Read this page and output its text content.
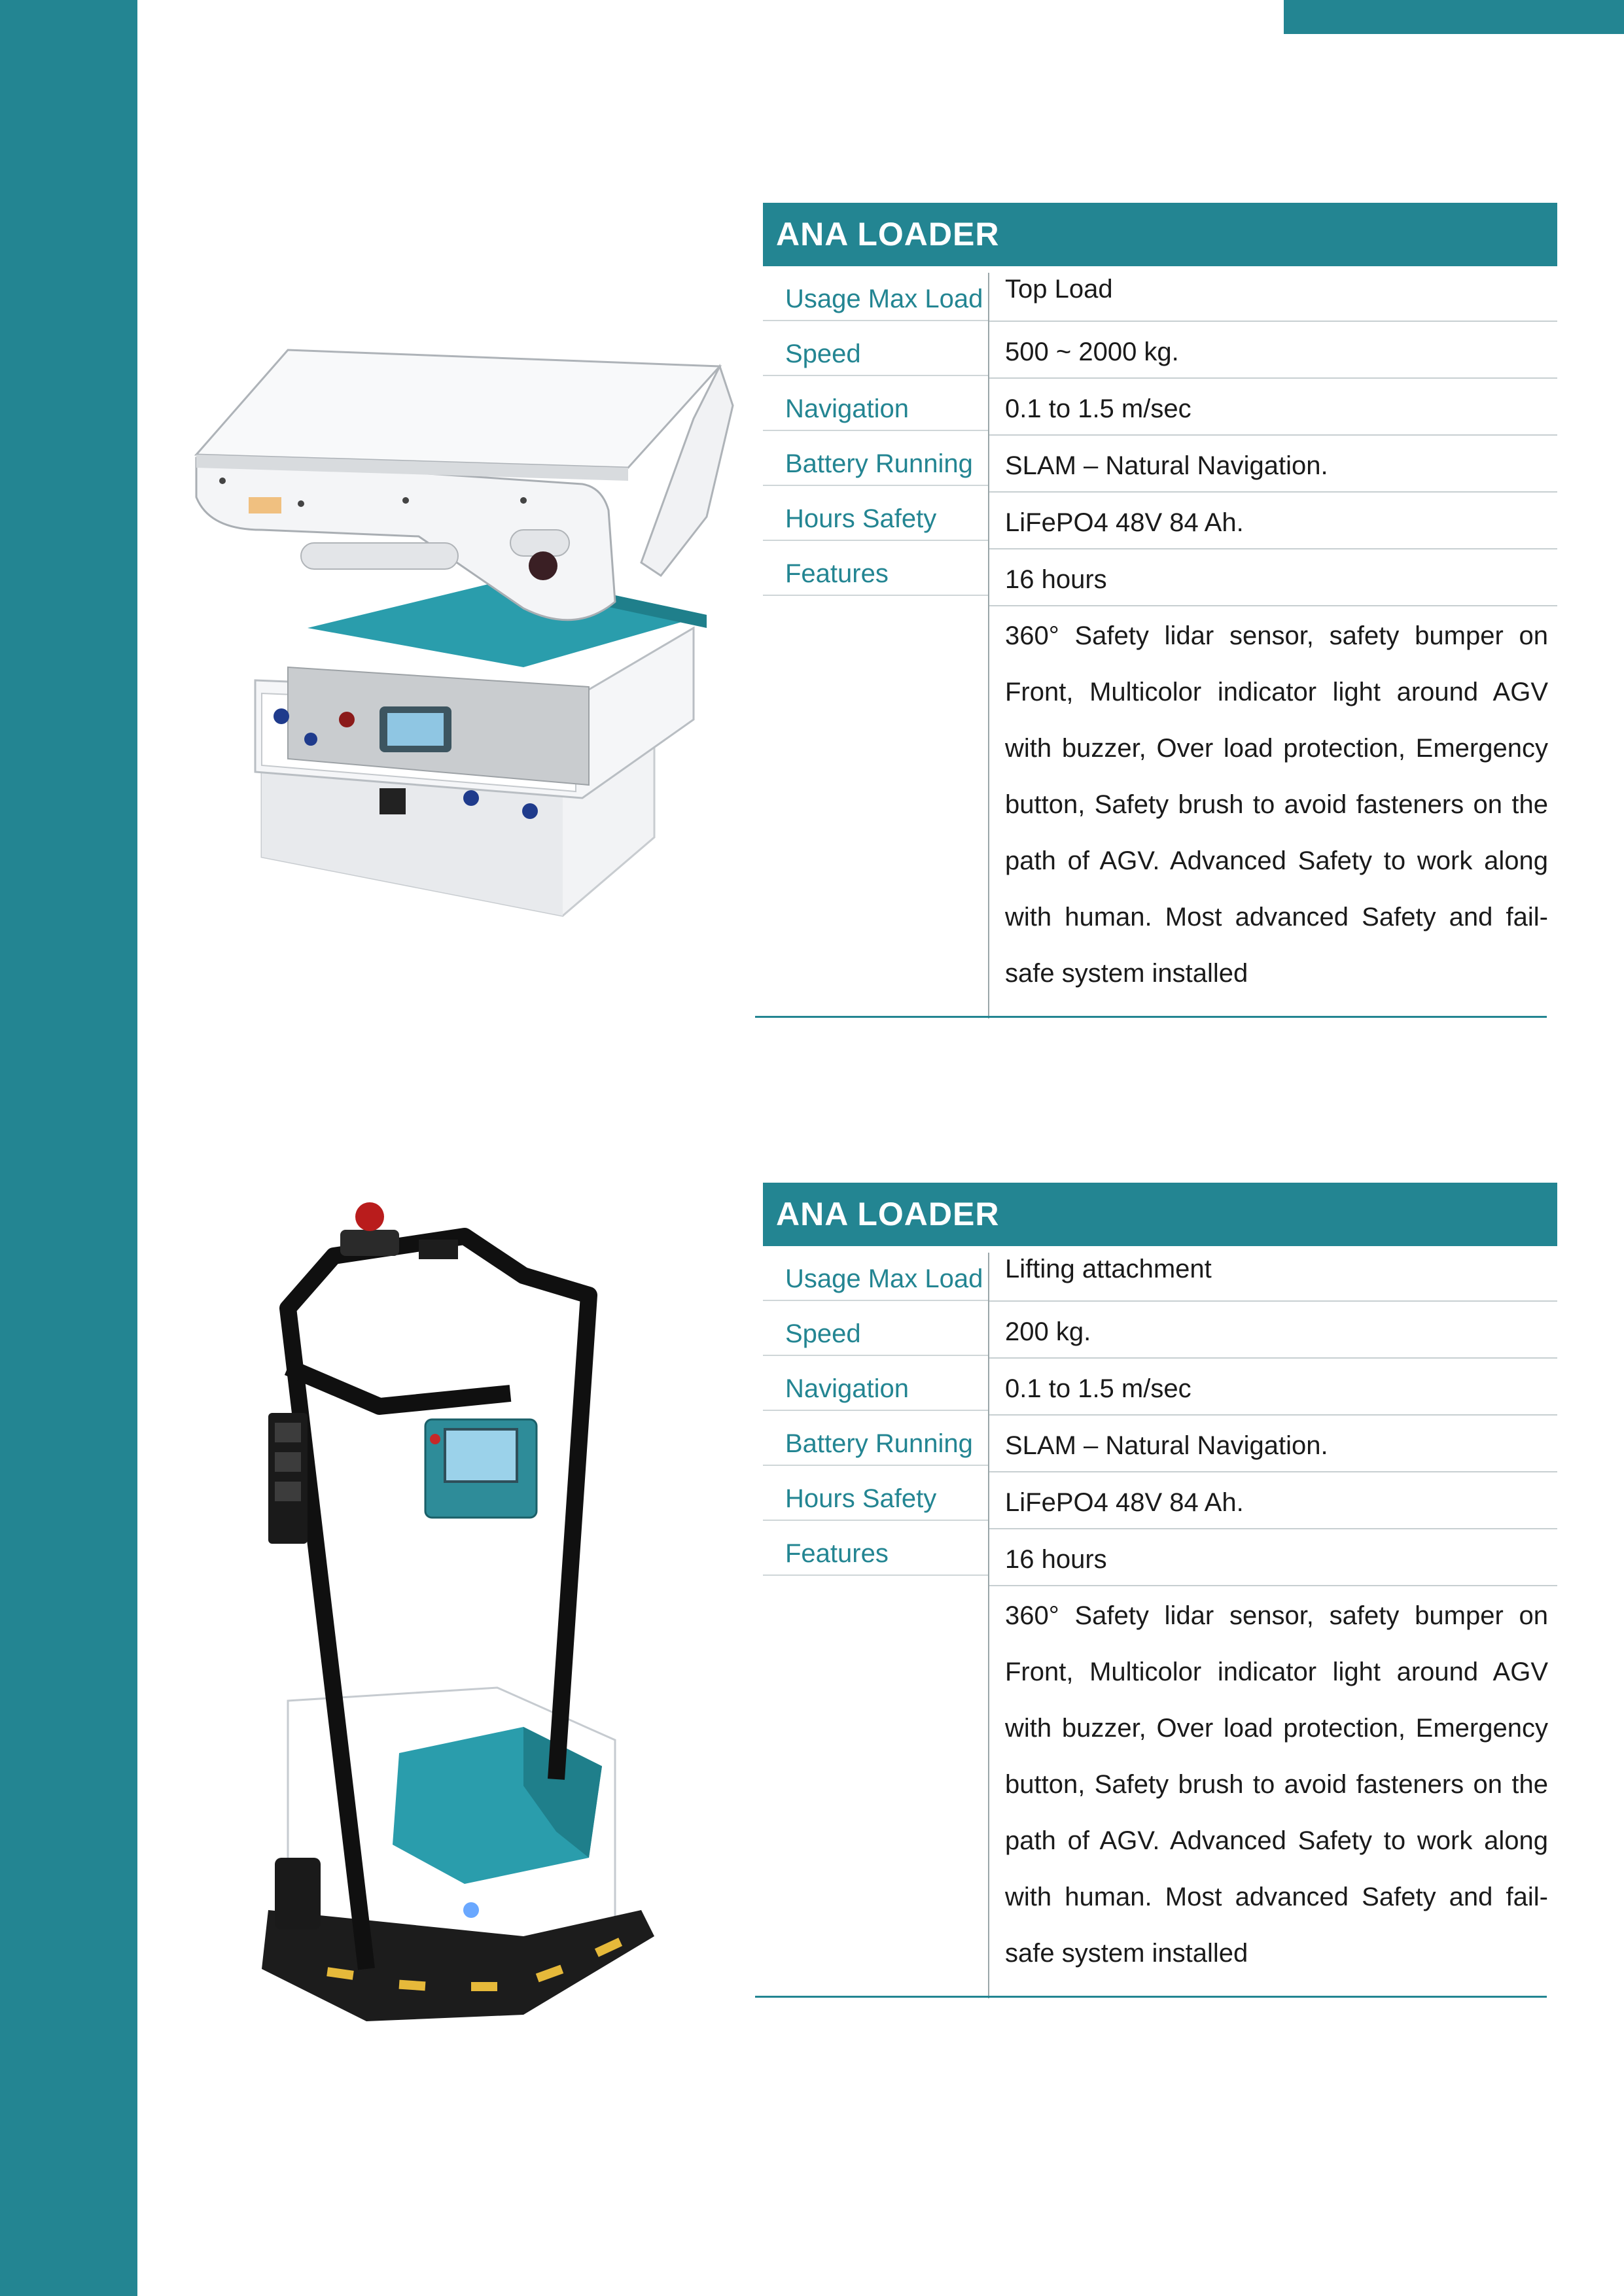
ANA LOADER
Usage Max Load
Speed
Navigation
Battery Running
Hours Safety
Features
Top Load
500 ~ 2000 kg.
0.1 to 1.5 m/sec
SLAM – Natural Navigation.
LiFePO4 48V 84 Ah.
16 hours
360° Safety lidar sensor, safety bumper on Front, Multicolor indicator light around AGV with buzzer, Over load protection, Emergency button, Safety brush to avoid fasteners on the path of AGV. Advanced Safety to work along with human. Most advanced Safety and fail-safe system installed
ANA LOADER
Usage Max Load
Speed
Navigation
Battery Running
Hours Safety
Features
Lifting attachment
200 kg.
0.1 to 1.5 m/sec
SLAM – Natural Navigation.
LiFePO4 48V 84 Ah.
16 hours
360° Safety lidar sensor, safety bumper on Front, Multicolor indicator light around AGV with buzzer, Over load protection, Emergency button, Safety brush to avoid fasteners on the path of AGV. Advanced Safety to work along with human. Most advanced Safety and fail-safe system installed
